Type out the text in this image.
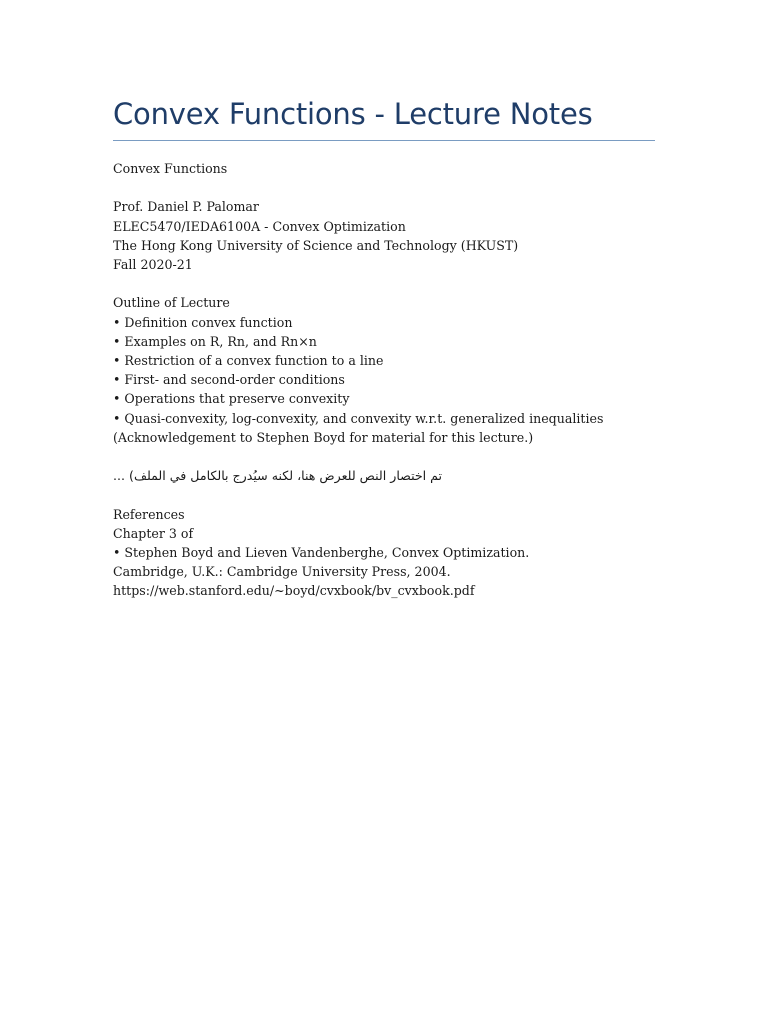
Convex Functions - Lecture Notes
Convex Functions
Prof. Daniel P. Palomar
ELEC5470/IEDA6100A - Convex Optimization
The Hong Kong University of Science and Technology (HKUST)
Fall 2020-21
Outline of Lecture
• Definition convex function
• Examples on R, Rn, and Rn×n
• Restriction of a convex function to a line
• First- and second-order conditions
• Operations that preserve convexity
• Quasi-convexity, log-convexity, and convexity w.r.t. generalized inequalities
(Acknowledgement to Stephen Boyd for material for this lecture.)
... (تم اختصار النص للعرض هنا، لكنه سيُدرج بالكامل في الملف
References
Chapter 3 of
• Stephen Boyd and Lieven Vandenberghe, Convex Optimization.
Cambridge, U.K.: Cambridge University Press, 2004.
https://web.stanford.edu/~boyd/cvxbook/bv_cvxbook.pdf
